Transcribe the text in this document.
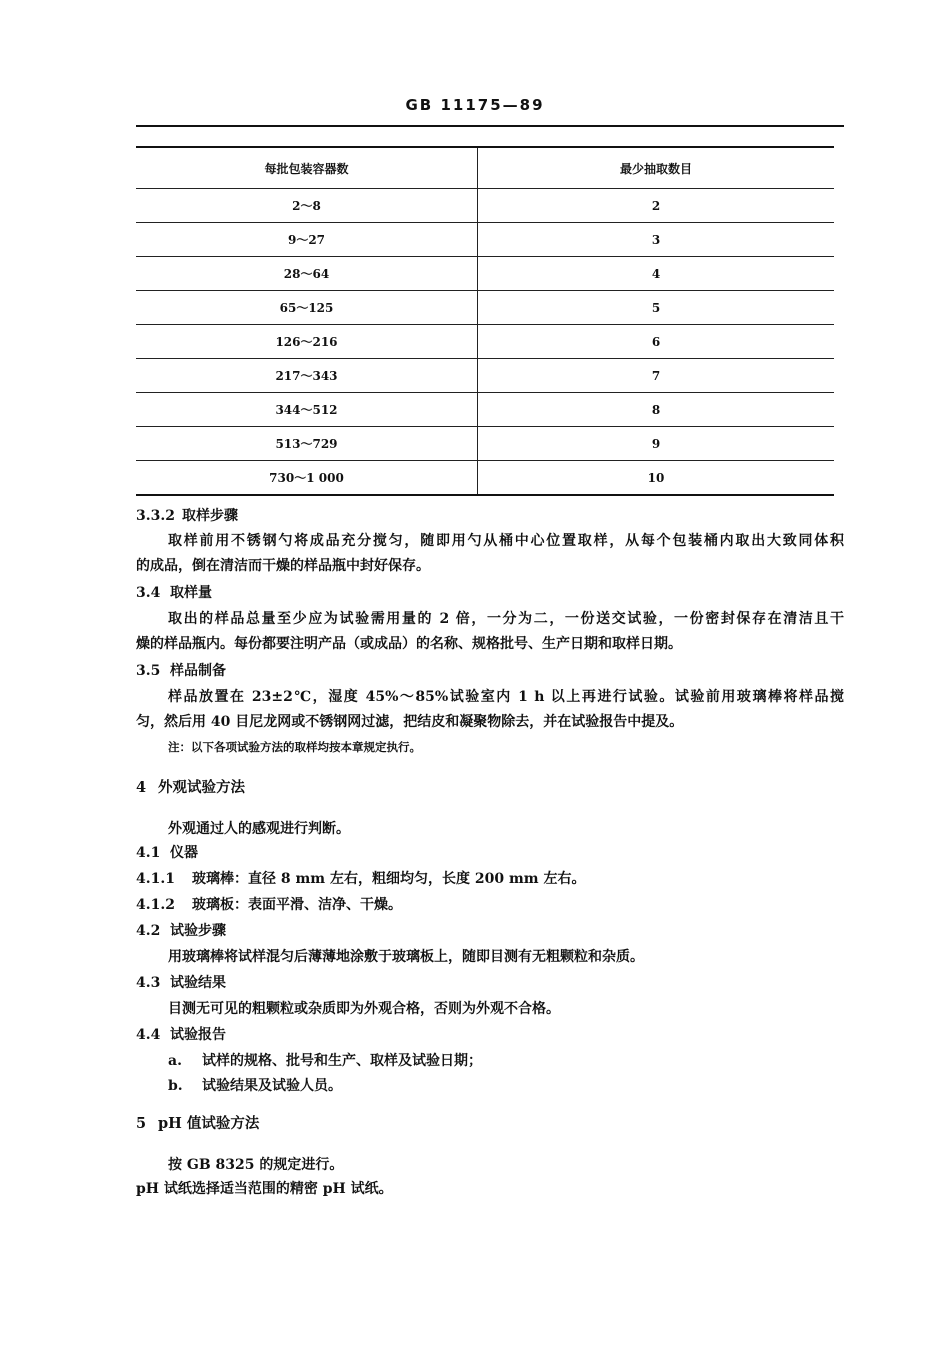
GB 11175—89
每批包装容器数	最少抽取数目
2～8	2
9～27	3
28～64	4
65～125	5
126～216	6
217～343	7
344～512	8
513～729	9
730～1 000	10
3.3.2 取样步骤
取样前用不锈钢勺将成品充分搅匀，随即用勺从桶中心位置取样，从每个包装桶内取出大致同体积
的成品，倒在清洁而干燥的样品瓶中封好保存。
3.4 取样量
取出的样品总量至少应为试验需用量的 2 倍，一分为二，一份送交试验，一份密封保存在清洁且干
燥的样品瓶内。每份都要注明产品（或成品）的名称、规格批号、生产日期和取样日期。
3.5 样品制备
样品放置在 23±2℃，湿度 45%～85%试验室内 1 h 以上再进行试验。试验前用玻璃棒将样品搅
匀，然后用 40 目尼龙网或不锈钢网过滤，把结皮和凝聚物除去，并在试验报告中提及。
注：以下各项试验方法的取样均按本章规定执行。
4 外观试验方法
外观通过人的感观进行判断。
4.1 仪器
4.1.1 玻璃棒：直径 8 mm 左右，粗细均匀，长度 200 mm 左右。
4.1.2 玻璃板：表面平滑、洁净、干燥。
4.2 试验步骤
用玻璃棒将试样混匀后薄薄地涂敷于玻璃板上，随即目测有无粗颗粒和杂质。
4.3 试验结果
目测无可见的粗颗粒或杂质即为外观合格，否则为外观不合格。
4.4 试验报告
a. 试样的规格、批号和生产、取样及试验日期；
b. 试验结果及试验人员。
5 pH 值试验方法
按 GB 8325 的规定进行。
pH 试纸选择适当范围的精密 pH 试纸。
